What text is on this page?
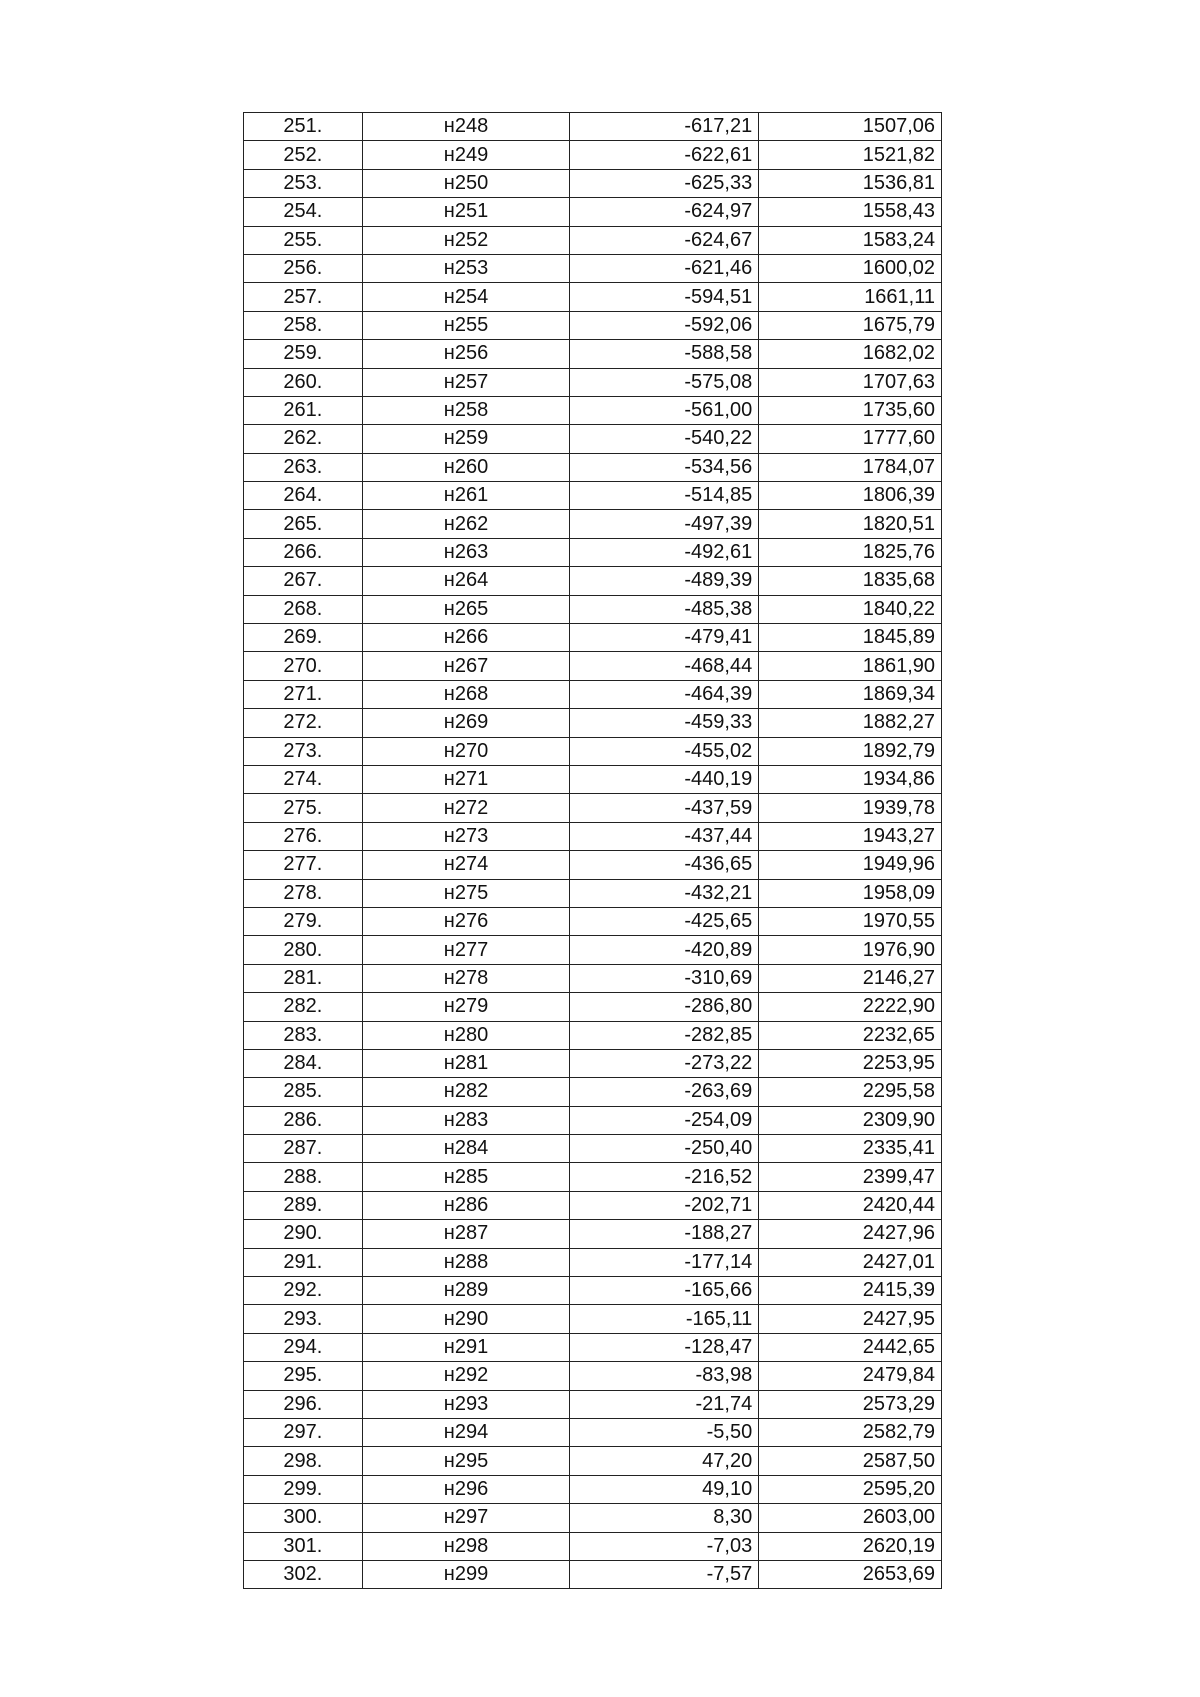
251.	н248	-617,21	1507,06
252.	н249	-622,61	1521,82
253.	н250	-625,33	1536,81
254.	н251	-624,97	1558,43
255.	н252	-624,67	1583,24
256.	н253	-621,46	1600,02
257.	н254	-594,51	1661,11
258.	н255	-592,06	1675,79
259.	н256	-588,58	1682,02
260.	н257	-575,08	1707,63
261.	н258	-561,00	1735,60
262.	н259	-540,22	1777,60
263.	н260	-534,56	1784,07
264.	н261	-514,85	1806,39
265.	н262	-497,39	1820,51
266.	н263	-492,61	1825,76
267.	н264	-489,39	1835,68
268.	н265	-485,38	1840,22
269.	н266	-479,41	1845,89
270.	н267	-468,44	1861,90
271.	н268	-464,39	1869,34
272.	н269	-459,33	1882,27
273.	н270	-455,02	1892,79
274.	н271	-440,19	1934,86
275.	н272	-437,59	1939,78
276.	н273	-437,44	1943,27
277.	н274	-436,65	1949,96
278.	н275	-432,21	1958,09
279.	н276	-425,65	1970,55
280.	н277	-420,89	1976,90
281.	н278	-310,69	2146,27
282.	н279	-286,80	2222,90
283.	н280	-282,85	2232,65
284.	н281	-273,22	2253,95
285.	н282	-263,69	2295,58
286.	н283	-254,09	2309,90
287.	н284	-250,40	2335,41
288.	н285	-216,52	2399,47
289.	н286	-202,71	2420,44
290.	н287	-188,27	2427,96
291.	н288	-177,14	2427,01
292.	н289	-165,66	2415,39
293.	н290	-165,11	2427,95
294.	н291	-128,47	2442,65
295.	н292	-83,98	2479,84
296.	н293	-21,74	2573,29
297.	н294	-5,50	2582,79
298.	н295	47,20	2587,50
299.	н296	49,10	2595,20
300.	н297	8,30	2603,00
301.	н298	-7,03	2620,19
302.	н299	-7,57	2653,69
